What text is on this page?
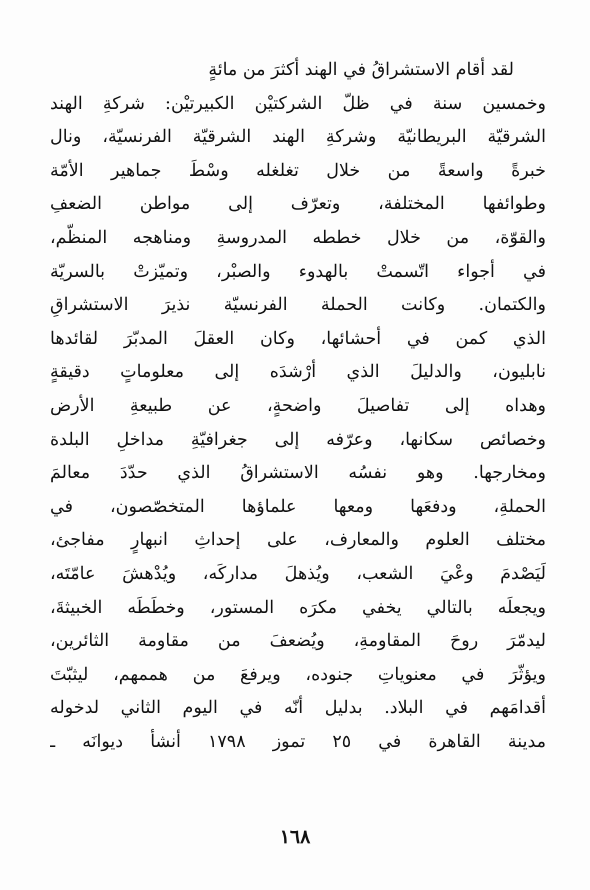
لقد أقام الاستشراقُ في الهند أكثرَ من مائةٍ
وخمسين سنة في ظلّ الشركتيْن الكبيرتيْن: شركةِ الهند
الشرقيّة البريطانيّة وشركةِ الهند الشرقيّة الفرنسيّة، ونال
خبرةً واسعةً من خلال تغلغله وسْطَ جماهير الأمّة
وطوائفها المختلفة، وتعرّف إلى مواطن الضعفِ
والقوّة، من خلال خططه المدروسةِ ومناهجه المنظّم،
في أجواء اتّسمتْ بالهدوء والصبْر، وتميّزتْ بالسريّة
والكتمان. وكانت الحملة الفرنسيّة نذيرَ الاستشراقِ
الذي كمن في أحشائها، وكان العقلَ المدبّرَ لقائدها
نابليون، والدليلَ الذي أرْشدَه إلى معلوماتٍ دقيقةٍ
وهداه إلى تفاصيلَ واضحةٍ، عن طبيعةِ الأرض
وخصائص سكانها، وعرّفه إلى جغرافيّةِ مداخلِ البلدة
ومخارجها. وهو نفسُه الاستشراقُ الذي حدّدَ معالمَ
الحملةِ، ودفعَها ومعها علماؤها المتخصّصون، في
مختلف العلوم والمعارف، على إحداثِ انبهارٍ مفاجئ،
لَيَصْدمَ وعْيَ الشعب، ويُذهلَ مداركَه، ويُدْهشَ عامّتَه،
ويجعلَه بالتالي يخفي مكرَه المستور، وخطَطَه الخبيثةَ،
ليدمّرَ روحَ المقاومةِ، ويُضعفَ من مقاومة الثائرين،
ويؤثّرَ في معنوياتِ جنوده، ويرفعَ من هممهم، ليثبّتَ
أقدامَهم في البلاد. بدليل أنّه في اليوم الثاني لدخوله
مدينة القاهرة في ٢٥ تموز ١٧٩٨ أنشأ ديوانَه ـ
١٦٨
